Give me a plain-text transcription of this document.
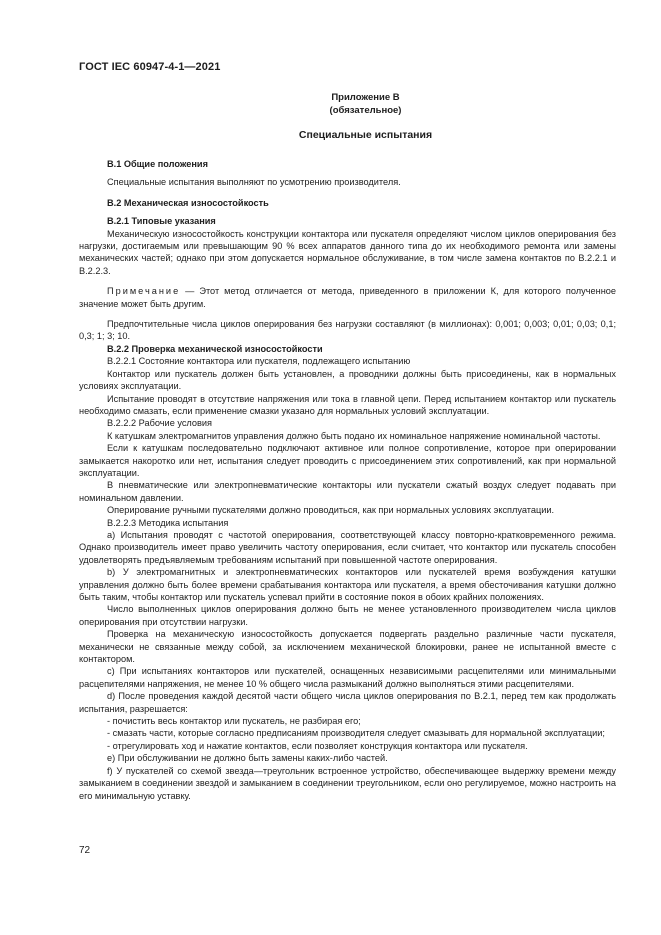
ГОСТ IEC 60947-4-1—2021
Приложение В
(обязательное)
Специальные испытания

В.1 Общие положения

Специальные испытания выполняют по усмотрению производителя.

В.2 Механическая износостойкость

В.2.1 Типовые указания

Механическую износостойкость конструкции контактора или пускателя определяют числом циклов оперирования без нагрузки, достигаемым или превышающим 90 % всех аппаратов данного типа до их необходимого ремонта или замены механических частей; однако при этом допускается нормальное обслуживание, в том числе замена контактов по В.2.2.1 и В.2.2.3.

Примечание — Этот метод отличается от метода, приведенного в приложении К, для которого полученное значение может быть другим.

Предпочтительные числа циклов оперирования без нагрузки составляют (в миллионах): 0,001; 0,003; 0,01; 0,03; 0,1; 0,3; 1; 3; 10.

В.2.2 Проверка механической износостойкости

В.2.2.1 Состояние контактора или пускателя, подлежащего испытанию

Контактор или пускатель должен быть установлен, а проводники должны быть присоединены, как в нормальных условиях эксплуатации.

Испытание проводят в отсутствие напряжения или тока в главной цепи. Перед испытанием контактор или пускатель необходимо смазать, если применение смазки указано для нормальных условий эксплуатации.

В.2.2.2 Рабочие условия

К катушкам электромагнитов управления должно быть подано их номинальное напряжение номинальной частоты.

Если к катушкам последовательно подключают активное или полное сопротивление, которое при оперировании замыкается накоротко или нет, испытания следует проводить с присоединением этих сопротивлений, как при нормальной эксплуатации.

В пневматические или электропневматические контакторы или пускатели сжатый воздух следует подавать при номинальном давлении.

Оперирование ручными пускателями должно проводиться, как при нормальных условиях эксплуатации.

В.2.2.3 Методика испытания

а) Испытания проводят с частотой оперирования, соответствующей классу повторно-кратковременного режима. Однако производитель имеет право увеличить частоту оперирования, если считает, что контактор или пускатель способен удовлетворять предъявляемым требованиям испытаний при повышенной частоте оперирования.

b) У электромагнитных и электропневматических контакторов или пускателей время возбуждения катушки управления должно быть более времени срабатывания контактора или пускателя, а время обесточивания катушки должно быть таким, чтобы контактор или пускатель успевал прийти в состояние покоя в обоих крайних положениях.

Число выполненных циклов оперирования должно быть не менее установленного производителем числа циклов оперирования при отсутствии нагрузки.

Проверка на механическую износостойкость допускается подвергать раздельно различные части пускателя, механически не связанные между собой, за исключением механической блокировки, ранее не испытанной вместе с контактором.

с) При испытаниях контакторов или пускателей, оснащенных независимыми расцепителями или минимальными расцепителями напряжения, не менее 10 % общего числа размыканий должно выполняться этими расцепителями.

d) После проведения каждой десятой части общего числа циклов оперирования по В.2.1, перед тем как продолжать испытания, разрешается:

- почистить весь контактор или пускатель, не разбирая его;

- смазать части, которые согласно предписаниям производителя следует смазывать для нормальной эксплуатации;

- отрегулировать ход и нажатие контактов, если позволяет конструкция контактора или пускателя.

е) При обслуживании не должно быть замены каких-либо частей.

f) У пускателей со схемой звезда—треугольник встроенное устройство, обеспечивающее выдержку времени между замыканием в соединении звездой и замыканием в соединении треугольником, если оно регулируемое, можно настроить на его минимальную уставку.

72
